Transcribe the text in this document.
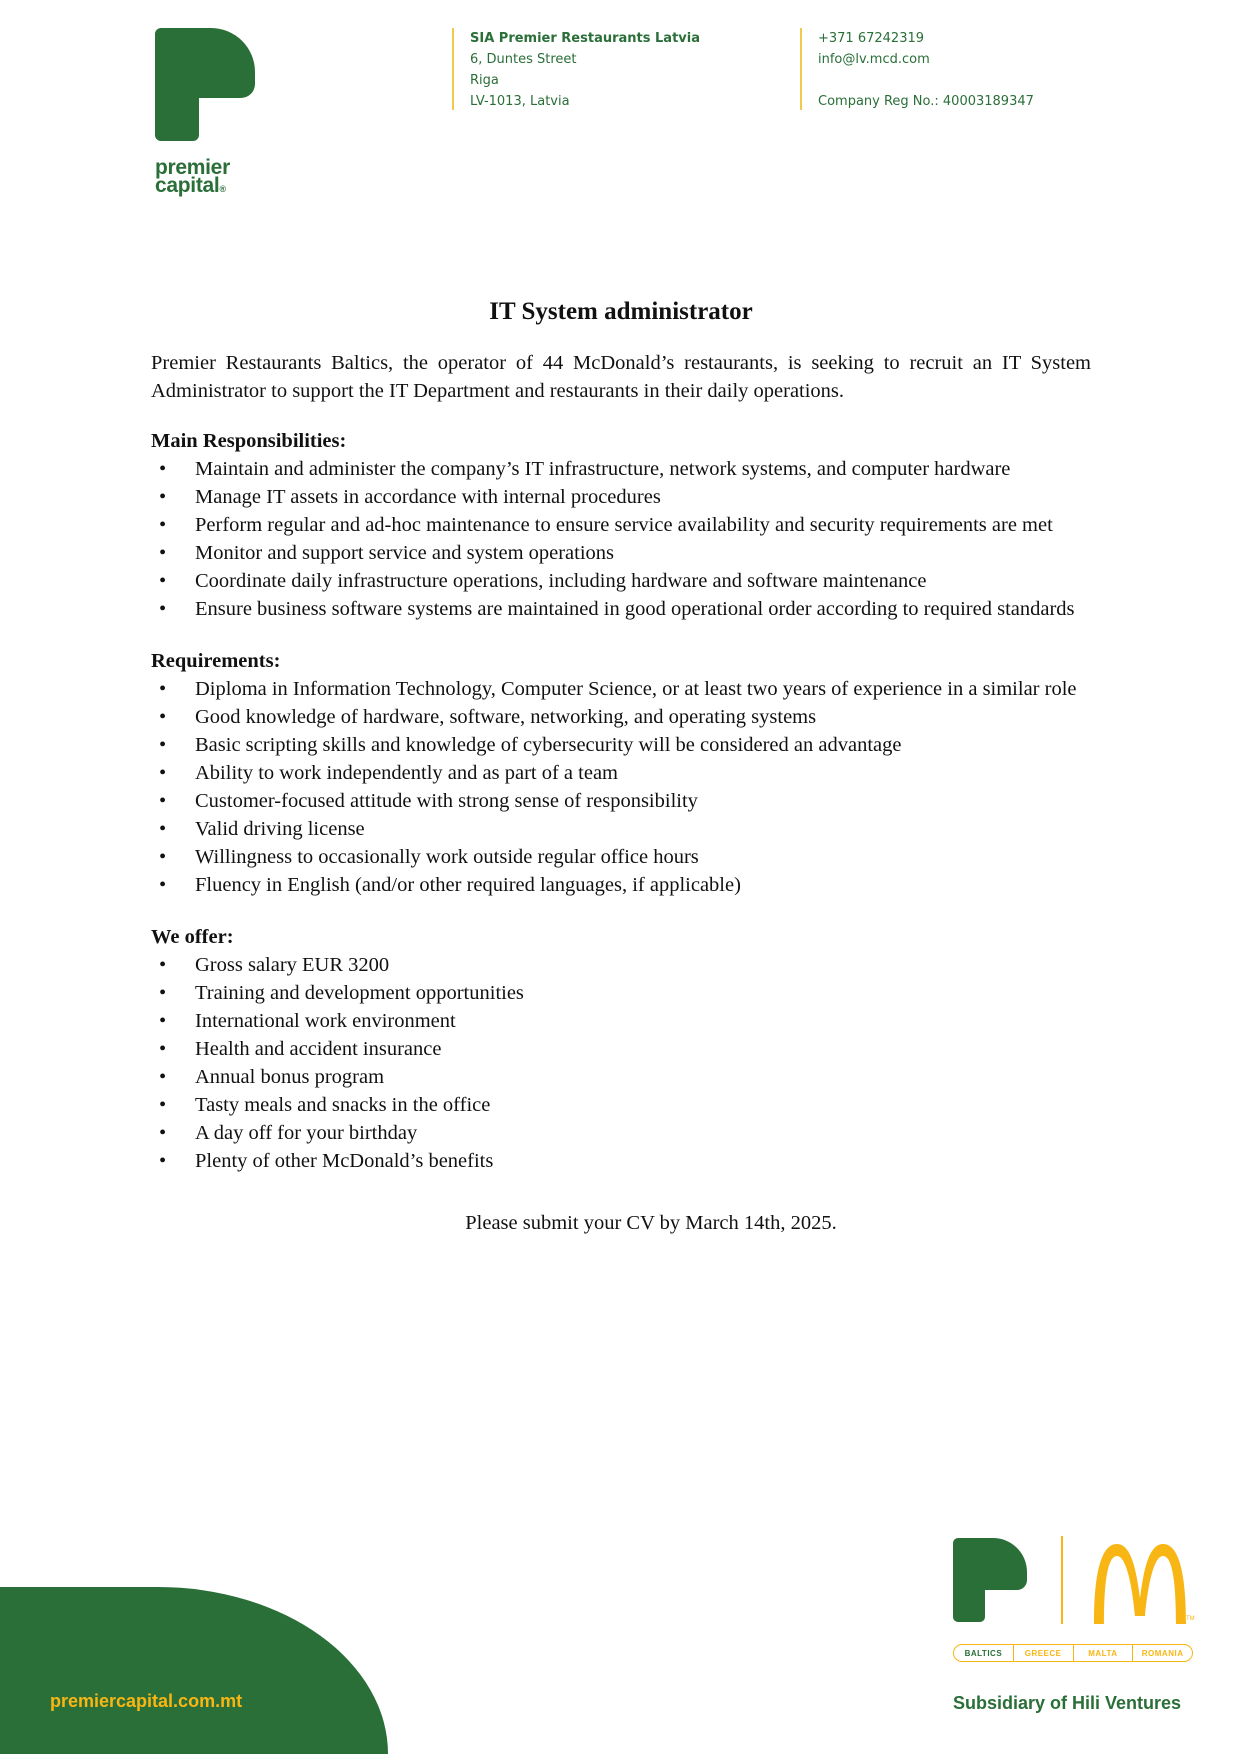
premier
capital®
SIA Premier Restaurants Latvia
6, Duntes Street
Riga
LV-1013, Latvia
+371 67242319
info@lv.mcd.com
Company Reg No.: 40003189347
IT System administrator

Premier Restaurants Baltics, the operator of 44 McDonald’s restaurants, is seeking to recruit an IT System Administrator to support the IT Department and restaurants in their daily operations.

Main Responsibilities:

• Maintain and administer the company’s IT infrastructure, network systems, and computer hardware
• Manage IT assets in accordance with internal procedures
• Perform regular and ad-hoc maintenance to ensure service availability and security requirements are met
• Monitor and support service and system operations
• Coordinate daily infrastructure operations, including hardware and software maintenance
• Ensure business software systems are maintained in good operational order according to required standards

Requirements:

• Diploma in Information Technology, Computer Science, or at least two years of experience in a similar role
• Good knowledge of hardware, software, networking, and operating systems
• Basic scripting skills and knowledge of cybersecurity will be considered an advantage
• Ability to work independently and as part of a team
• Customer-focused attitude with strong sense of responsibility
• Valid driving license
• Willingness to occasionally work outside regular office hours
• Fluency in English (and/or other required languages, if applicable)

We offer:

• Gross salary EUR 3200
• Training and development opportunities
• International work environment
• Health and accident insurance
• Annual bonus program
• Tasty meals and snacks in the office
• A day off for your birthday
• Plenty of other McDonald’s benefits

Please submit your CV by March 14th, 2025.

premiercapital.com.mt
TM
BALTICS	GREECE	MALTA	ROMANIA
Subsidiary of Hili Ventures
